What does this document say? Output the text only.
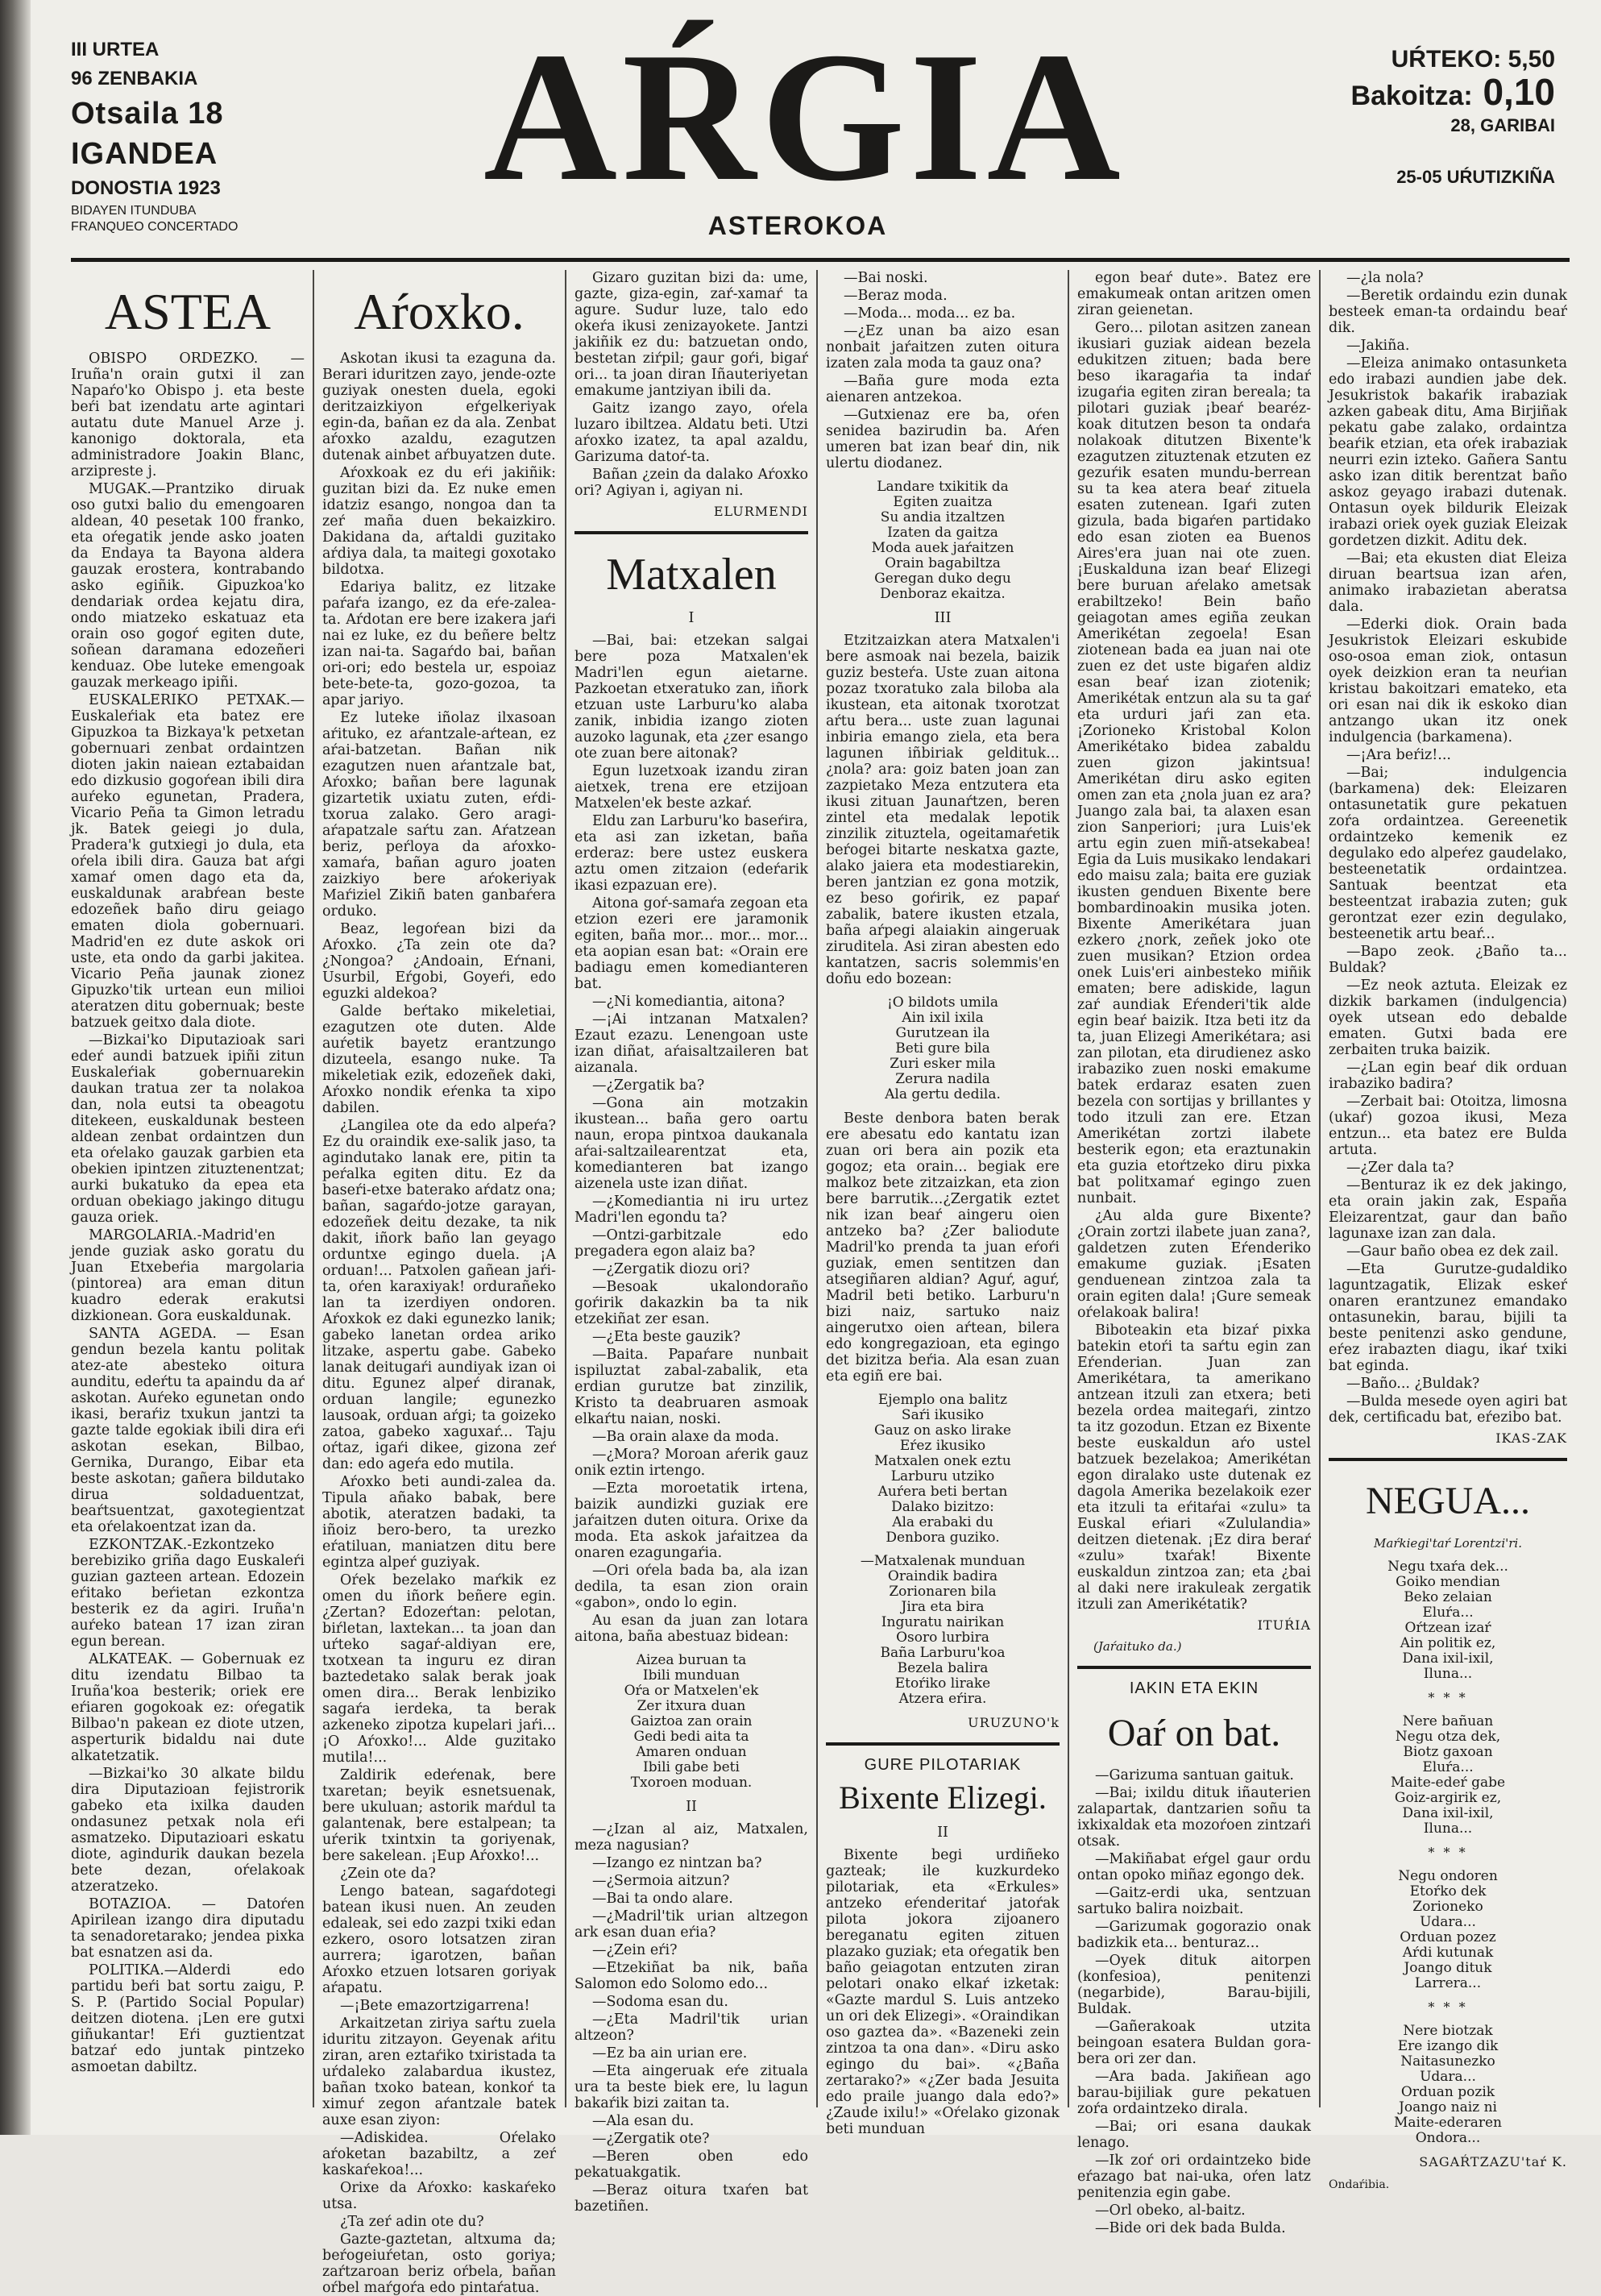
III URTEA
96 ZENBAKIA
Otsaila 18
IGANDEA
DONOSTIA 1923
BIDAYEN ITUNDUBA
FRANQUEO CONCERTADO
AŔGIA
ASTEROKOA
UŔTEKO: 5,50
Bakoitza: 0,10
28, GARIBAI
25-05 UŔUTIZKIÑA
ASTEA

OBISPO ORDEZKO. — Iruña'n orain gutxi il zan Napaŕo'ko Obispo j. eta beste beŕi bat izendatu arte agintari autatu dute Manuel Arze j. kanonigo doktorala, eta administradore Joakin Blanc, arzipreste j.

MUGAK.—Prantziko diruak oso gutxi balio du emengoaren aldean, 40 pesetak 100 franko, eta oŕegatik jende asko joaten da Endaya ta Bayona aldera gauzak erostera, kontrabando asko egiñik. Gipuzkoa'ko dendariak ordea kejatu dira, ondo miatzeko eskatuaz eta orain oso gogoŕ egiten dute, soñean daramana edozeñeri kenduaz. Obe luteke emengoak gauzak merkeago ipiñi.

EUSKALERIKO PETXAK.—Euskaleŕiak eta batez ere Gipuzkoa ta Bizkaya'k petxetan gobernuari zenbat ordaintzen dioten jakin naiean eztabaidan edo dizkusio gogoŕean ibili dira auŕeko egunetan, Pradera, Vicario Peña ta Gimon letradu jk. Batek geiegi jo dula, Pradera'k gutxiegi jo dula, eta oŕela ibili dira. Gauza bat aŕgi xamaŕ omen dago eta da, euskaldunak arabŕean beste edozeñek baño diru geiago ematen diola gobernuari. Madrid'en ez dute askok ori uste, eta ondo da garbi jakitea. Vicario Peña jaunak zionez Gipuzko'tik urtean eun milioi ateratzen ditu gobernuak; beste batzuek geitxo dala diote.

—Bizkai'ko Diputazioak sari edeŕ aundi batzuek ipiñi zitun Euskaleŕiak gobernuarekin daukan tratua zer ta nolakoa dan, nola eutsi ta obeagotu ditekeen, euskaldunak besteen aldean zenbat ordaintzen dun eta oŕelako gauzak garbien eta obekien ipintzen zituztenentzat; aurki bukatuko da epea eta orduan obekiago jakingo ditugu gauza oriek.

MARGOLARIA.-Madrid'en jende guziak asko goratu du Juan Etxebeŕia margolaria (pintorea) ara eman ditun kuadro ederak erakutsi dizkionean. Gora euskaldunak.

SANTA AGEDA. — Esan gendun bezela kantu politak atez-ate abesteko oitura aunditu, edeŕtu ta apaindu da aŕ askotan. Auŕeko egunetan ondo ikasi, beraŕiz txukun jantzi ta gazte talde egokiak ibili dira eŕi askotan esekan, Bilbao, Gernika, Durango, Eibar eta beste askotan; gañera bildutako dirua soldaduentzat, beaŕtsuentzat, gaxotegientzat eta oŕelakoentzat izan da.

EZKONTZAK.-Ezkontzeko berebiziko griña dago Euskaleŕi guzian gazteen artean. Edozein eŕitako beŕietan ezkontza besterik ez da agiri. Iruña'n auŕeko batean 17 izan ziran egun berean.

ALKATEAK. — Gobernuak ez ditu izendatu Bilbao ta Iruña'koa besterik; oriek ere eŕiaren gogokoak ez: oŕegatik Bilbao'n pakean ez diote utzen, asperturik bidaldu nai dute alkatetzatik.

—Bizkai'ko 30 alkate bildu dira Diputazioan fejistrorik gabeko eta ixilka dauden ondasunez petxak nola eŕi asmatzeko. Diputazioari eskatu diote, agindurik daukan bezela bete dezan, oŕelakoak atzeratzeko.

BOTAZIOA. — Datoŕen Apirilean izango dira diputadu ta senadoretarako; jendea pixka bat esnatzen asi da.

POLITIKA.—Alderdi edo partidu beŕi bat sortu zaigu, P. S. P. (Partido Social Popular) deitzen diotena. ¡Len ere gutxi giñukantar! Eŕi guztientzat batzaŕ edo juntak pintzeko asmoetan dabiltz.

Aŕoxko.

Askotan ikusi ta ezaguna da. Berari iduritzen zayo, jende-ozte guziyak onesten duela, egoki deritzaizkiyon eŕgelkeriyak egin-da, bañan ez da ala. Zenbat aŕoxko azaldu, ezagutzen dutenak ainbet aŕbuyatzen dute.

Aŕoxkoak ez du eŕi jakiñik: guzitan bizi da. Ez nuke emen idatziz esango, nongoa dan ta zeŕ maña duen bekaizkiro. Dakidana da, aŕtaldi guzitako aŕdiya dala, ta maitegi goxotako bildotxa.

Edariya balitz, ez litzake paŕaŕa izango, ez da eŕe-zalea-ta. Aŕdotan ere bere izakera jaŕi nai ez luke, ez du beñere beltz izan nai-ta. Sagaŕdo bai, bañan ori-ori; edo bestela ur, espoiaz bete-bete-ta, gozo-gozoa, ta apar jariyo.

Ez luteke iñolaz ilxasoan aŕituko, ez aŕantzale-aŕtean, ez aŕai-batzetan. Bañan nik ezagutzen nuen aŕantzale bat, Aŕoxko; bañan bere lagunak gizartetik uxiatu zuten, eŕdi-txorua zalako. Gero aragi-aŕapatzale saŕtu zan. Aŕatzean beriz, peŕloya da aŕoxko-xamaŕa, bañan aguro joaten zaizkiyo bere aŕokeriyak Maŕiziel Zikiñ baten ganbaŕera orduko.

Beaz, legoŕean bizi da Aŕoxko. ¿Ta zein ote da? ¿Nongoa? ¿Andoain, Eŕnani, Usurbil, Eŕgobi, Goyeŕi, edo eguzki aldekoa?

Galde beŕtako mikeletiai, ezagutzen ote duten. Alde auŕetik bayetz erantzungo dizuteela, esango nuke. Ta mikeletiak ezik, edozeñek daki, Aŕoxko nondik eŕenka ta xipo dabilen.

¿Langilea ote da edo alpeŕa? Ez du oraindik exe-salik jaso, ta agindutako lanak ere, pitin ta peŕalka egiten ditu. Ez da baseŕi-etxe baterako aŕdatz ona; bañan, sagaŕdo-jotze garayan, edozeñek deitu dezake, ta nik dakit, iñork baño lan geyago orduntxe egingo duela. ¡A orduan!... Patxolen gañean jaŕi-ta, oŕen karaxiyak! ordurañeko lan ta izerdiyen ondoren. Aŕoxkok ez daki egunezko lanik; gabeko lanetan ordea ariko litzake, aspertu gabe. Gabeko lanak deitugaŕi aundiyak izan oi ditu. Egunez alpeŕ diranak, orduan langile; egunezko lausoak, orduan aŕgi; ta goizeko zatoa, gabeko xaguxaŕ... Taju oŕtaz, igaŕi dikee, gizona zeŕ dan: edo ageŕa edo mutila.

Aŕoxko beti aundi-zalea da. Tipula añako babak, bere abotik, ateratzen badaki, ta iñoiz bero-bero, ta urezko eŕatiluan, maniatzen ditu bere egintza alpeŕ guziyak.

Oŕek bezelako maŕkik ez omen du iñork beñere egin. ¿Zertan? Edozeŕtan: pelotan, biŕletan, laxtekan... ta joan dan uŕteko sagaŕ-aldiyan ere, txotxean ta inguru ez diran baztedetako salak berak joak omen dira... Berak lenbiziko sagaŕa ierdeka, ta berak azkeneko zipotza kupelari jaŕi... ¡O Aŕoxko!... Alde guzitako mutila!...

Zaldirik edeŕenak, bere txaretan; beyik esnetsuenak, bere ukuluan; astorik maŕdul ta galantenak, bere estalpean; ta uŕerik txintxin ta goriyenak, bere sakelean. ¡Eup Aŕoxko!...

¿Zein ote da?

Lengo batean, sagaŕdotegi batean ikusi nuen. An zeuden edaleak, sei edo zazpi txiki edan ezkero, osoro lotsatzen ziran aurrera; igarotzen, bañan Aŕoxko etzuen lotsaren goriyak aŕapatu.

—¡Bete emazortzigarrena!

Arkaitzetan ziriya saŕtu zuela iduritu zitzayon. Geyenak aŕitu ziran, aren eztaŕiko txiristada ta uŕdaleko zalabardua ikustez, bañan txoko batean, konkoŕ ta ximuŕ zegon aŕantzale batek auxe esan ziyon:

—Adiskidea. Oŕelako aŕoketan bazabiltz, a zeŕ kaskaŕekoa!...

Orixe da Aŕoxko: kaskaŕeko utsa.

¿Ta zeŕ adin ote du?

Gazte-gaztetan, altxuma da; beŕogeiuŕetan, osto goriya; zaŕtzaroan beriz oŕbela, bañan oŕbel maŕgoŕa edo pintaŕatua.

Gizaro guzitan bizi da: ume, gazte, giza-egin, zaŕ-xamaŕ ta agure. Sudur luze, talo edo okeŕa ikusi zenizayokete. Jantzi jakiñik ez du: batzuetan ondo, bestetan ziŕpil; gaur goŕi, bigaŕ ori... ta joan diran Iñauteriyetan emakume jantziyan ibili da.

Gaitz izango zayo, oŕela luzaro ibiltzea. Aldatu beti. Utzi aŕoxko izatez, ta apal azaldu, Garizuma datoŕ-ta.

Bañan ¿zein da dalako Aŕoxko ori? Agiyan i, agiyan ni.

ELURMENDI
Matxalen
I

—Bai, bai: etzekan salgai bere poza Matxalen'ek Madri'len egun aietarne. Pazkoetan etxeratuko zan, iñork etzuan uste Larburu'ko alaba zanik, inbidia izango zioten auzoko lagunak, eta ¿zer esango ote zuan bere aitonak?

Egun luzetxoak izandu ziran aietxek, trena ere etzijoan Matxelen'ek beste azkaŕ.

Eldu zan Larburu'ko baseŕira, eta asi zan izketan, baña erderaz: bere ustez euskera aztu omen zitzaion (edeŕarik ikasi ezpazuan ere).

Aitona goŕ-samaŕa zegoan eta etzion ezeri ere jaramonik egiten, baña mor... mor... mor... eta aopian esan bat: «Orain ere badiagu emen komedianteren bat.

—¿Ni komediantia, aitona?

—¡Ai intzanan Matxalen? Ezaut ezazu. Lenengoan uste izan diñat, aŕaisaltzaileren bat aizanala.

—¿Zergatik ba?

—Gona ain motzakin ikustean... baña gero oartu naun, eropa pintxoa daukanala aŕai-saltzailearentzat eta, komedianteren bat izango aizenela uste izan diñat.

—¿Komediantia ni iru urtez Madri'len egondu ta?

—Ontzi-garbitzale edo pregadera egon alaiz ba?

—¿Zergatik diozu ori?

—Besoak ukalondoraño goŕirik dakazkin ba ta nik etzekiñat zer esan.

—¿Eta beste gauzik?

—Baita. Papaŕare nunbait ispiluztat zabal-zabalik, eta erdian gurutze bat zinzilik, Kristo ta deabruaren asmoak elkaŕtu naian, noski.

—Ba orain alaxe da moda.

—¿Mora? Moroan aŕerik gauz onik eztin irtengo.

—Ezta moroetatik irtena, baizik aundizki guziak ere jaŕaitzen duten oitura. Orixe da moda. Eta askok jaŕaitzea da onaren ezagungaŕia.

—Ori oŕela bada ba, ala izan dedila, ta esan zion orain «gabon», ondo lo egin.

Au esan da juan zan lotara aitona, baña abestuaz bidean:

Aizea buruan ta
Ibili munduan
Oŕa or Matxelen'ek
Zer itxura duan
Gaiztoa zan orain
Gedi bedi aita ta
Amaren onduan
Ibili gabe beti
Txoroen moduan.
II

—¿Izan al aiz, Matxalen, meza nagusian?

—Izango ez nintzan ba?

—¿Sermoia aitzun?

—Bai ta ondo alare.

—¿Madril'tik urian altzegon ark esan duan eŕia?

—¿Zein eŕi?

—Etzekiñat ba nik, baña Salomon edo Solomo edo...

—Sodoma esan du.

—¿Eta Madril'tik urian altzeon?

—Ez ba ain urian ere.

—Eta aingeruak eŕe zituala ura ta beste biek ere, lu lagun bakaŕik bizi zaitan ta.

—Ala esan du.

—¿Zergatik ote?

—Beren oben edo pekatuakgatik.

—Beraz oitura txaŕen bat bazetiñen.

—Bai noski.

—Beraz moda.

—Moda... moda... ez ba.

—¿Ez unan ba aizo esan nonbait jaŕaitzen zuten oitura izaten zala moda ta gauz ona?

—Baña gure moda ezta aienaren antzekoa.

—Gutxienaz ere ba, oŕen senidea bazirudin ba. Aŕen umeren bat izan beaŕ din, nik ulertu diodanez.

Landare txikitik da
Egiten zuaitza
Su andia itzaltzen
Izaten da gaitza
Moda auek jaŕaitzen
Orain bagabiltza
Geregan duko degu
Denboraz ekaitza.
III

Etzitzaizkan atera Matxalen'i bere asmoak nai bezela, baizik guziz besteŕa. Uste zuan aitona pozaz txoratuko zala biloba ala ikustean, eta aitonak txorotzat aŕtu bera... uste zuan lagunai inbiria emango ziela, eta bera lagunen iñbiriak geldituk... ¿nola? ara: goiz baten joan zan zazpietako Meza entzutera eta ikusi zituan Jaunaŕtzen, beren zintel eta medalak lepotik zinzilik zituztela, ogeitamaŕetik beŕogei bitarte neskatxa gazte, alako jaiera eta modestiarekin, beren jantzian ez gona motzik, ez beso goŕirik, ez papaŕ zabalik, batere ikusten etzala, baña aŕpegi alaiakin aingeruak ziruditela. Asi ziran abesten edo kantatzen, sacris solemmis'en doñu edo bozean:

¡O bildots umila
Ain ixil ixila
Gurutzean ila
Beti gure bila
Zuri esker mila
Zerura nadila
Ala gertu dedila.

Beste denbora baten berak ere abesatu edo kantatu izan zuan ori bera ain pozik eta gogoz; eta orain... begiak ere malkoz bete zitzaizkan, eta zion bere barrutik...¿Zergatik eztet nik izan beaŕ aingeru oien antzeko ba? ¿Zer baliodute Madril'ko prenda ta juan eŕoŕi guziak, emen sentitzen dan atsegiñaren aldian? Aguŕ, aguŕ, Madril beti betiko. Larburu'n bizi naiz, sartuko naiz aingerutxo oien aŕtean, bilera edo kongregazioan, eta egingo det bizitza beŕia. Ala esan zuan eta egiñ ere bai.

Ejemplo ona balitz
Saŕi ikusiko
Gauz on asko lirake
Eŕez ikusiko
Matxalen onek eztu
Larburu utziko
Auŕera beti bertan
Dalako bizitzo:
Ala erabaki du
Denbora guziko.
—Matxalenak munduan
Oraindik badira
Zorionaren bila
Jira eta bira
Inguratu nairikan
Osoro lurbira
Baña Larburu'koa
Bezela balira
Etoŕiko lirake
Atzera eŕira.
URUZUNO'k
GURE PILOTARIAK
Bixente Elizegi.
II

Bixente begi urdiñeko gazteak; ile kuzkurdeko pilotariak, eta «Erkules» antzeko eŕenderitaŕ jatoŕak pilota jokora zijoanero bereganatu egiten zituen plazako guziak; eta oŕegatik ben baño geiagotan entzuten ziran pelotari onako elkaŕ izketak: «Gazte mardul S. Luis antzeko un ori dek Elizegi». «Oraindikan oso gaztea da». «Bazeneki zein zintzoa ta ona dan». «Diru asko egingo du bai». «¿Baña zertarako?» «¿Zer bada Jesuita edo praile juango dala edo?» ¿Zaude ixilu!» «Oŕelako gizonak beti munduan

egon beaŕ dute». Batez ere emakumeak ontan aritzen omen ziran geienetan.

Gero... pilotan asitzen zanean ikusiari guziak aidean bezela edukitzen zituen; bada bere beso ikaragaŕia ta indaŕ izugaŕia egiten ziran bereala; ta pilotari guziak ¡beaŕ bearéz-koak ditutzen beson ta ondaŕa nolakoak ditutzen Bixente'k ezagutzen zituztenak etzuten ez gezuŕik esaten mundu-berrean su ta kea atera beaŕ zituela esaten zutenean. Igaŕi zuten gizula, bada bigaŕen partidako edo esan zioten ea Buenos Aires'era juan nai ote zuen. ¡Euskalduna izan beaŕ Elizegi bere buruan aŕelako ametsak erabiltzeko! Bein baño geiagotan ames egiña zeukan Amerikétan zegoela! Esan ziotenean bada ea juan nai ote zuen ez det uste bigaŕen aldiz esan beaŕ izan ziotenik; Amerikétak entzun ala su ta gaŕ eta urduri jaŕi zan eta. ¡Zorioneko Kristobal Kolon Amerikétako bidea zabaldu zuen gizon jakintsua! Amerikétan diru asko egiten omen zan eta ¿nola juan ez ara? Juango zala bai, ta alaxen esan zion Sanperiori; ¡ura Luis'ek artu egin zuen miñ-atsekabea! Egia da Luis musikako lendakari edo maisu zala; baita ere guziak ikusten genduen Bixente bere bombardinoakin musika joten. Bixente Amerikétara juan ezkero ¿nork, zeñek joko ote zuen musikan? Etzion ordea onek Luis'eri ainbesteko miñik ematen; bere adiskide, lagun zaŕ aundiak Eŕenderi'tik alde egin beaŕ baizik. Itza beti itz da ta, juan Elizegi Amerikétara; asi zan pilotan, eta dirudienez asko irabaziko zuen noski emakume batek erdaraz esaten zuen bezela con sortijas y brillantes y todo itzuli zan ere. Etzan Amerikétan zortzi ilabete besterik egon; eta eraztunakin eta guzia etoŕtzeko diru pixka bat politxamaŕ egingo zuen nunbait.

¿Au alda gure Bixente? ¿Orain zortzi ilabete juan zana?, galdetzen zuten Eŕenderiko emakume guziak. ¡Esaten genduenean zintzoa zala ta orain egiten dala! ¡Gure semeak oŕelakoak balira!

Biboteakin eta bizaŕ pixka batekin etoŕi ta saŕtu egin zan Eŕenderian. Juan zan Amerikétara, ta amerikano antzean itzuli zan etxera; beti bezela ordea maitegaŕi, zintzo ta itz gozodun. Etzan ez Bixente beste euskaldun aŕo ustel batzuek bezelakoa; Amerikétan egon diralako uste dutenak ez dagola Amerika bezelakoik ezer eta itzuli ta eŕitaŕai «zulu» ta Euskal eŕiari «Zululandia» deitzen dietenak. ¡Ez dira beraŕ «zulu» txaŕak! Bixente euskaldun zintzoa zan; eta ¿bai al daki nere irakuleak zergatik itzuli zan Amerikétatik?

ITUŔIA
(Jaŕaituko da.)
IAKIN ETA EKIN
Oaŕ on bat.

—Garizuma santuan gaituk.

—Bai; ixildu dituk iñauterien zalapartak, dantzarien soñu ta ixkixaldak eta mozoŕoen zintzaŕi otsak.

—Makiñabat eŕgel gaur ordu ontan opoko miñaz egongo dek.

—Gaitz-erdi uka, sentzuan sartuko balira noizbait.

—Garizumak gogorazio onak badizkik eta... benturaz...

—Oyek dituk aitorpen (konfesioa), penitenzi (negarbide), Barau-bijili, Buldak.

—Gañerakoak utzita beingoan esatera Buldan gora-bera ori zer dan.

—Ara bada. Jakiñean ago barau-bijiliak gure pekatuen zoŕa ordaintzeko dirala.

—Bai; ori esana daukak lenago.

—Ik zoŕ ori ordaintzeko bide eŕazago bat nai-uka, oŕen latz penitenzia egin gabe.

—Orl obeko, al-baitz.

—Bide ori dek bada Bulda.

—¿la nola?

—Beretik ordaindu ezin dunak besteek eman-ta ordaindu beaŕ dik.

—Jakiña.

—Eleiza animako ontasunketa edo irabazi aundien jabe dek. Jesukristok bakaŕik irabaziak azken gabeak ditu, Ama Birjiñak pekatu gabe zalako, ordaintza beaŕik etzian, eta oŕek irabaziak neurri ezin izteko. Gañera Santu asko izan ditik berentzat baño askoz geyago irabazi dutenak. Ontasun oyek bildurik Eleizak irabazi oriek oyek guziak Eleizak gordetzen dizkit. Aditu dek.

—Bai; eta ekusten diat Eleiza diruan beartsua izan aŕen, animako irabazietan aberatsa dala.

—Ederki diok. Orain bada Jesukristok Eleizari eskubide oso-osoa eman ziok, ontasun oyek deizkion eran ta neuŕian kristau bakoitzari emateko, eta ori esan nai dik ik eskoko dian antzango ukan itz onek indulgencia (barkamena).

—¡Ara beŕiz!...

—Bai; indulgencia (barkamena) dek: Eleizaren ontasunetatik gure pekatuen zoŕa ordaintzea. Gereenetik ordaintzeko kemenik ez degulako edo alpeŕez gaudelako, besteenetatik ordaintzea. Santuak beentzat eta besteentzat irabazia zuten; guk gerontzat ezer ezin degulako, besteenetik artu beaŕ...

—Bapo zeok. ¿Baño ta... Buldak?

—Ez neok aztuta. Eleizak ez dizkik barkamen (indulgencia) oyek utsean edo debalde ematen. Gutxi bada ere zerbaiten truka baizik.

—¿Lan egin beaŕ dik orduan irabaziko badira?

—Zerbait bai: Otoitza, limosna (ukaŕ) gozoa ikusi, Meza entzun... eta batez ere Bulda artuta.

—¿Zer dala ta?

—Benturaz ik ez dek jakingo, eta orain jakin zak, España Eleizarentzat, gaur dan baño lagunaxe izan zan dala.

—Gaur baño obea ez dek zail.

—Eta Gurutze-gudaldiko laguntzagatik, Elizak eskeŕ onaren erantzunez emandako ontasunekin, barau, bijili ta beste penitenzi asko gendune, eŕez irabazten diagu, ikaŕ txiki bat eginda.

—Baño... ¿Buldak?

—Bulda mesede oyen agiri bat dek, certificadu bat, eŕezibo bat.

IKAS-ZAK
NEGUA...
Maŕkiegi'taŕ Lorentzi'ri.
Negu txaŕa dek...
Goiko mendian
Beko zelaian
Eluŕa...
Oŕtzean izaŕ
Ain politik ez,
Dana ixil-ixil,
Iluna...
* * *
Nere bañuan
Negu otza dek,
Biotz gaxoan
Eluŕa...
Maite-edeŕ gabe
Goiz-argirik ez,
Dana ixil-ixil,
Iluna...
* * *
Negu ondoren
Etoŕko dek
Zorioneko
Udara...
Orduan pozez
Aŕdi kutunak
Joango dituk
Larrera...
* * *
Nere biotzak
Ere izango dik
Naitasunezko
Udara...
Orduan pozik
Joango naiz ni
Maite-ederaren
Ondora...
SAGAŔTZAZU'taŕ K.
Ondaŕibia.
